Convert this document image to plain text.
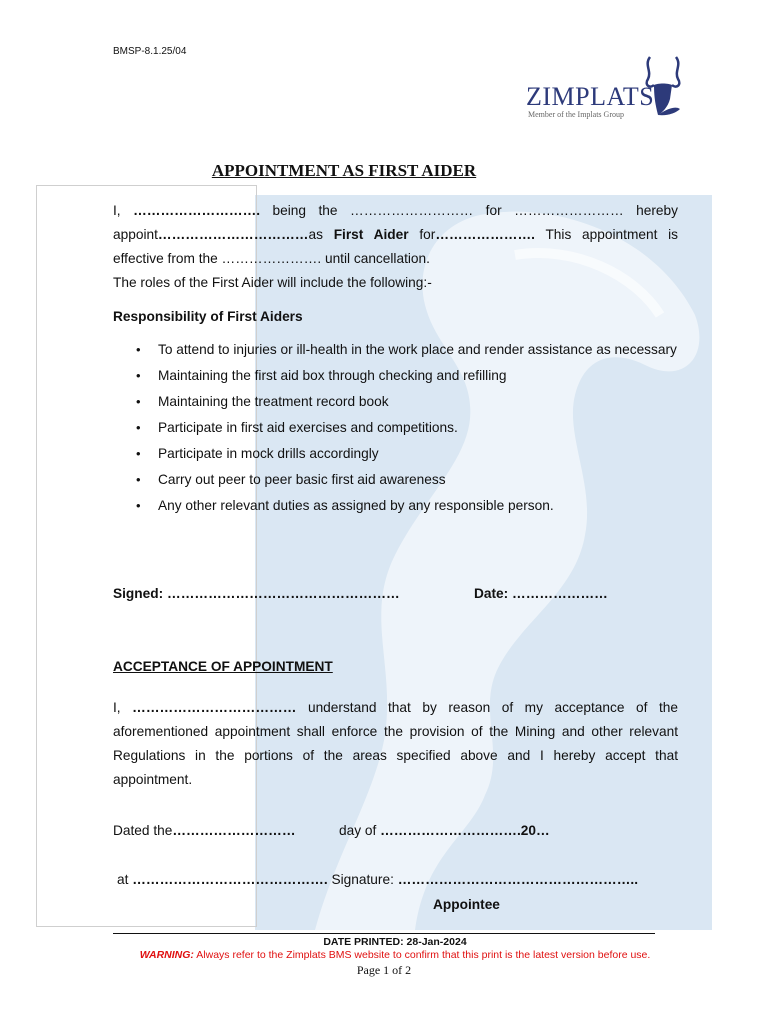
BMSP-8.1.25/04
ZIMPLATS
Member of the Implats Group
APPOINTMENT AS FIRST AIDER
I, ………………………. being the ……………………… for …………………… hereby
appoint……………………………as First Aider for…………………. This appointment is
effective from the …………………. until cancellation.
The roles of the First Aider will include the following:-
Responsibility of First Aiders
• To attend to injuries or ill-health in the work place and render assistance as necessary
• Maintaining the first aid box through checking and refilling
• Maintaining the treatment record book
• Participate in first aid exercises and competitions.
• Participate in mock drills accordingly
• Carry out peer to peer basic first aid awareness
• Any other relevant duties as assigned by any responsible person.
Signed: ……………………………………………	Date: …………………
ACCEPTANCE OF APPOINTMENT
I, ……………………………… understand that by reason of my acceptance of the aforementioned appointment shall enforce the provision of the Mining and other relevant Regulations in the portions of the areas specified above and I hereby accept that appointment.
Dated the………………………	day of ………………………….20…
at ……………………………………. Signature: ……………………………………………..
Appointee
DATE PRINTED: 28-Jan-2024
WARNING: Always refer to the Zimplats BMS website to confirm that this print is the latest version before use.
Page 1 of 2
